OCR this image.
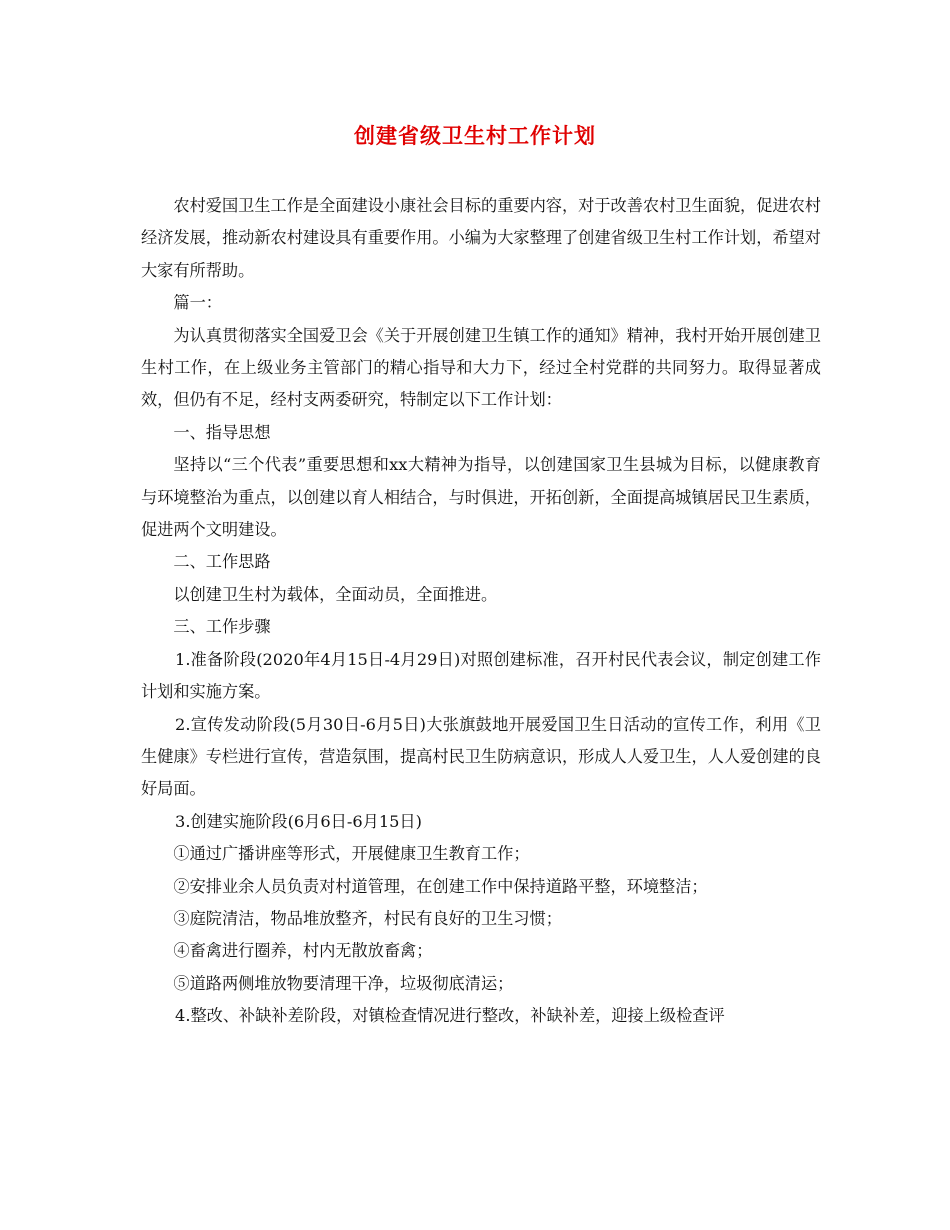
创建省级卫生村工作计划

农村爱国卫生工作是全面建设小康社会目标的重要内容，对于改善农村卫生面貌，促进农村经济发展，推动新农村建设具有重要作用。小编为大家整理了创建省级卫生村工作计划，希望对大家有所帮助。

篇一：

为认真贯彻落实全国爱卫会《关于开展创建卫生镇工作的通知》精神，我村开始开展创建卫生村工作，在上级业务主管部门的精心指导和大力下，经过全村党群的共同努力。取得显著成效，但仍有不足，经村支两委研究，特制定以下工作计划：

一、指导思想

坚持以“三个代表”重要思想和xx大精神为指导，以创建国家卫生县城为目标，以健康教育与环境整治为重点，以创建以育人相结合，与时俱进，开拓创新，全面提高城镇居民卫生素质，促进两个文明建设。

二、工作思路

以创建卫生村为载体，全面动员，全面推进。

三、工作步骤

1.准备阶段(2020年4月15日-4月29日)对照创建标准，召开村民代表会议，制定创建工作计划和实施方案。

2.宣传发动阶段(5月30日-6月5日)大张旗鼓地开展爱国卫生日活动的宣传工作，利用《卫生健康》专栏进行宣传，营造氛围，提高村民卫生防病意识，形成人人爱卫生，人人爱创建的良好局面。

3.创建实施阶段(6月6日-6月15日)

①通过广播讲座等形式，开展健康卫生教育工作；

②安排业余人员负责对村道管理，在创建工作中保持道路平整，环境整洁；

③庭院清洁，物品堆放整齐，村民有良好的卫生习惯；

④畜禽进行圈养，村内无散放畜禽；

⑤道路两侧堆放物要清理干净，垃圾彻底清运；

4.整改、补缺补差阶段，对镇检查情况进行整改，补缺补差，迎接上级检查评
